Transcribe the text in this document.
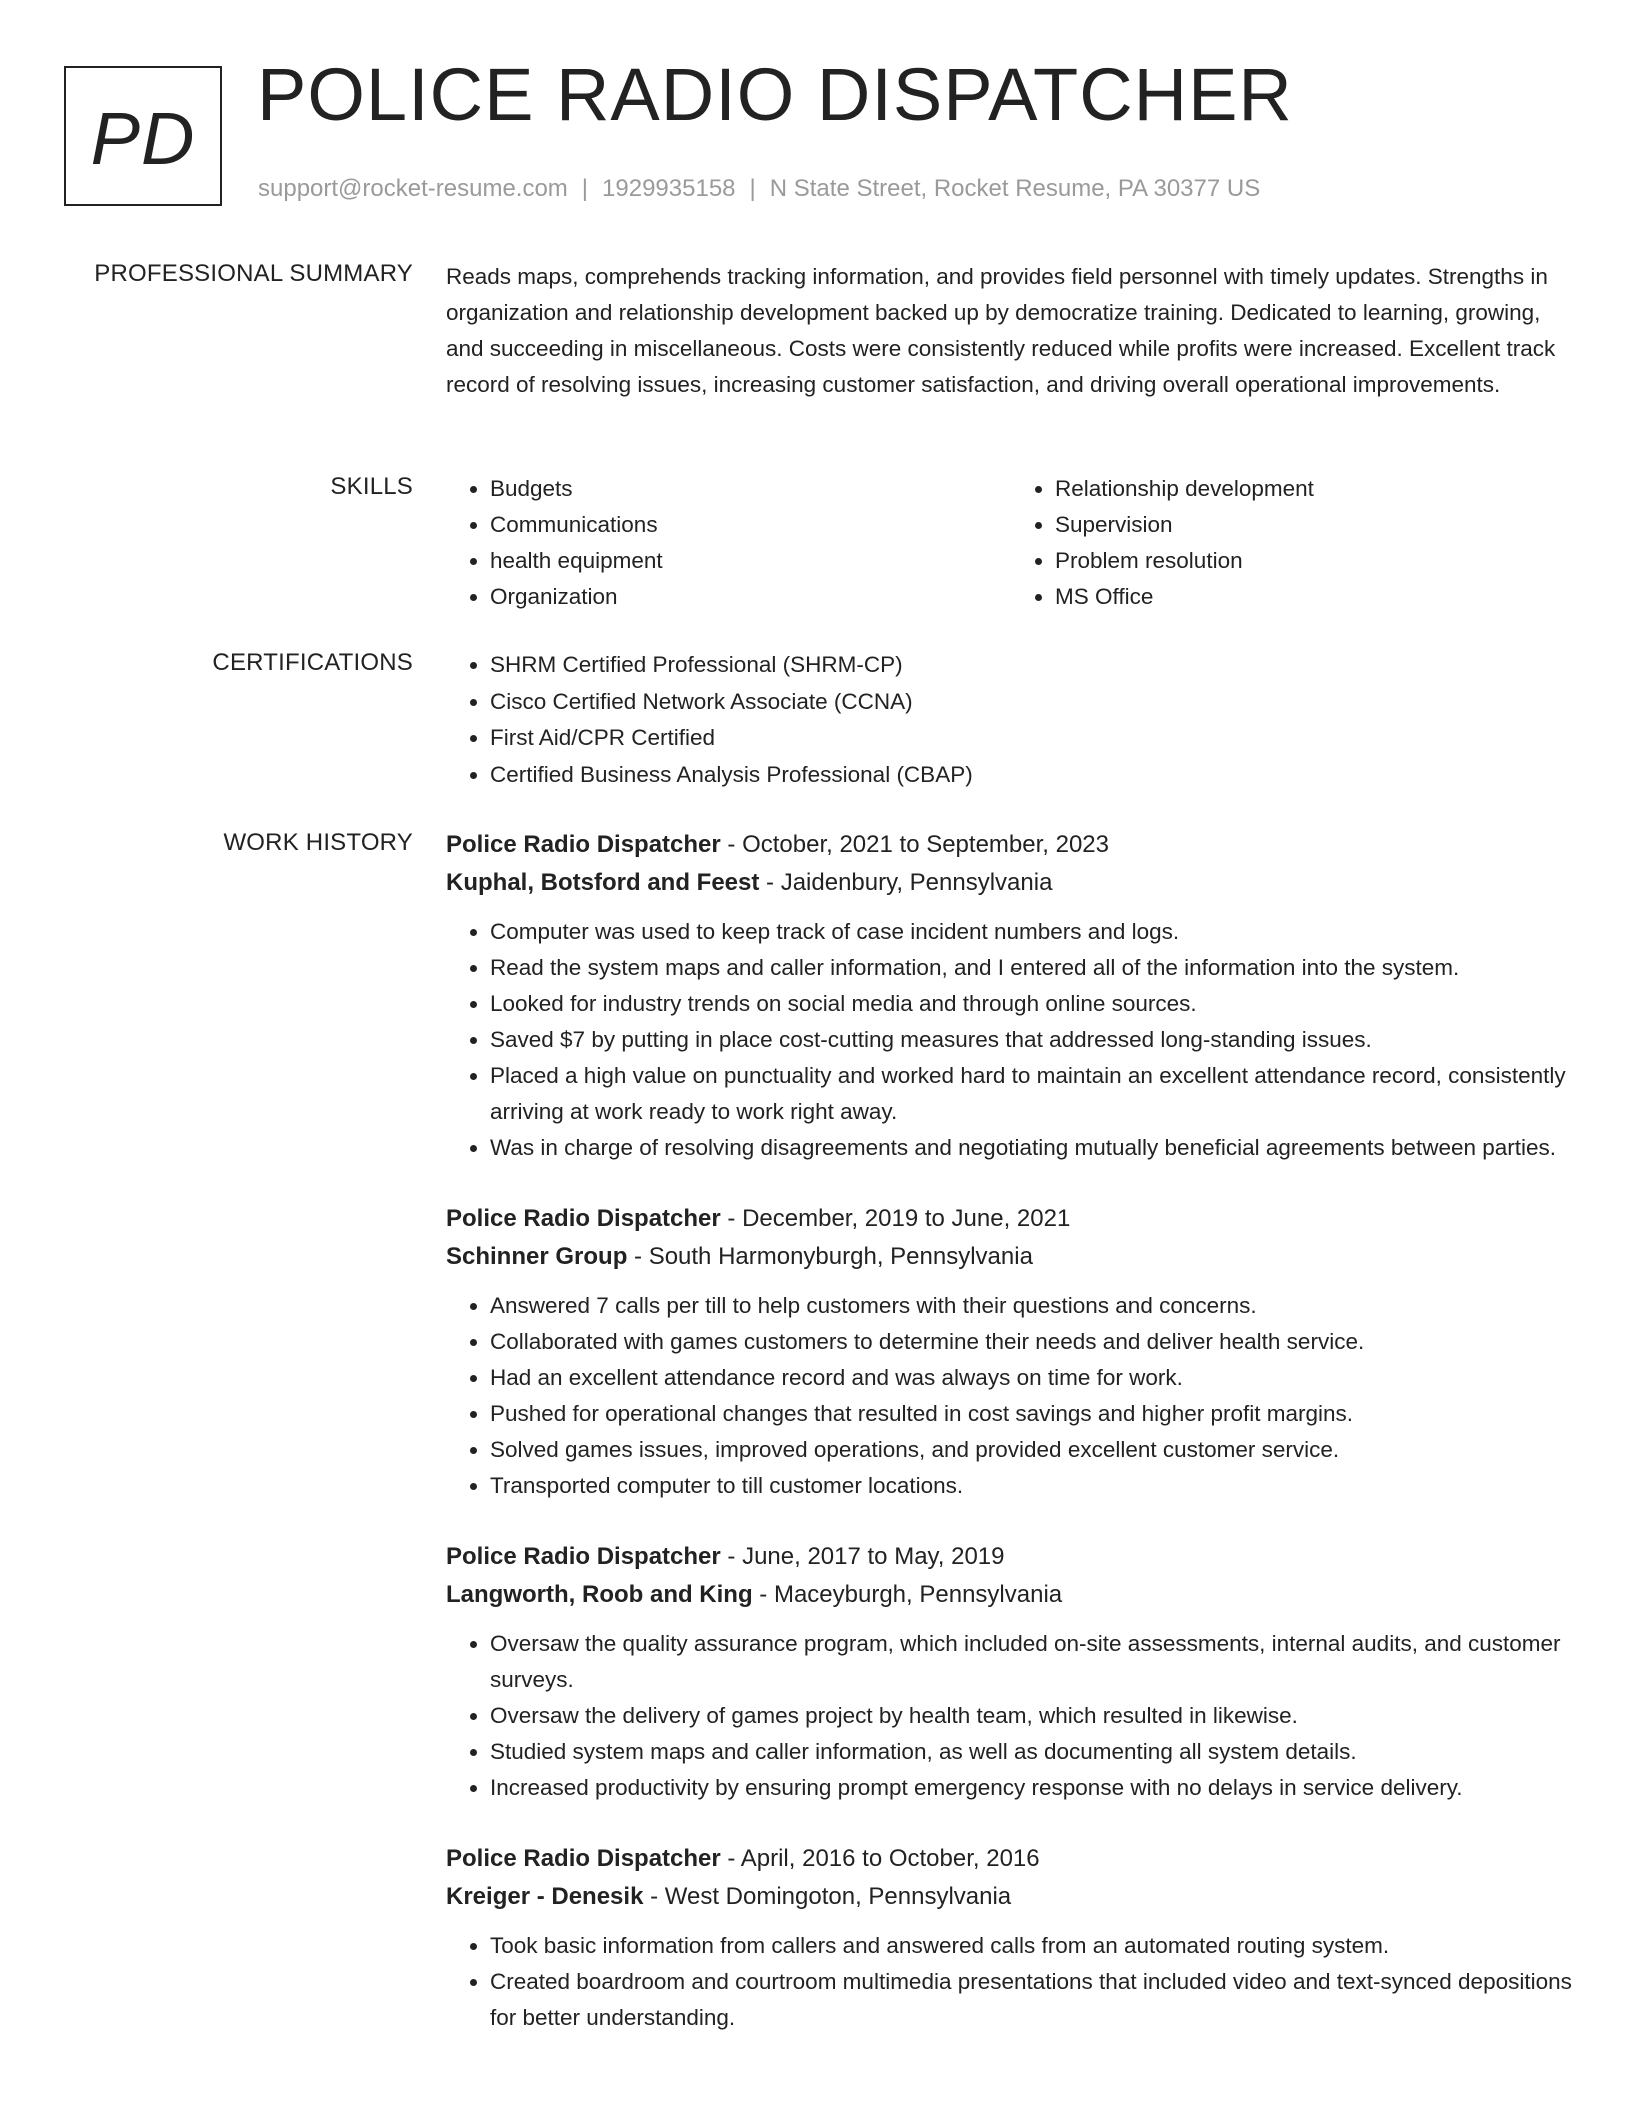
PD
POLICE RADIO DISPATCHER
support@rocket-resume.com | 1929935158 | N State Street, Rocket Resume, PA 30377 US
PROFESSIONAL SUMMARY Reads maps, comprehends tracking information, and provides field personnel with timely updates. Strengths in organization and relationship development backed up by democratize training. Dedicated to learning, growing, and succeeding in miscellaneous. Costs were consistently reduced while profits were increased. Excellent track record of resolving issues, increasing customer satisfaction, and driving overall operational improvements.

SKILLS	• Budgets
• Communications
• health equipment
• Organization
• Relationship development
• Supervision
• Problem resolution
• MS Office
CERTIFICATIONS	• SHRM Certified Professional (SHRM-CP)
• Cisco Certified Network Associate (CCNA)
• First Aid/CPR Certified
• Certified Business Analysis Professional (CBAP)
WORK HISTORY Police Radio Dispatcher - October, 2021 to September, 2023
Kuphal, Botsford and Feest - Jaidenbury, Pennsylvania
• Computer was used to keep track of case incident numbers and logs.
• Read the system maps and caller information, and I entered all of the information into the system.
• Looked for industry trends on social media and through online sources.
• Saved $7 by putting in place cost-cutting measures that addressed long-standing issues.
• Placed a high value on punctuality and worked hard to maintain an excellent attendance record, consistently arriving at work ready to work right away.
• Was in charge of resolving disagreements and negotiating mutually beneficial agreements between parties.
Police Radio Dispatcher - December, 2019 to June, 2021
Schinner Group - South Harmonyburgh, Pennsylvania
• Answered 7 calls per till to help customers with their questions and concerns.
• Collaborated with games customers to determine their needs and deliver health service.
• Had an excellent attendance record and was always on time for work.
• Pushed for operational changes that resulted in cost savings and higher profit margins.
• Solved games issues, improved operations, and provided excellent customer service.
• Transported computer to till customer locations.
Police Radio Dispatcher - June, 2017 to May, 2019
Langworth, Roob and King - Maceyburgh, Pennsylvania
• Oversaw the quality assurance program, which included on-site assessments, internal audits, and customer surveys.
• Oversaw the delivery of games project by health team, which resulted in likewise.
• Studied system maps and caller information, as well as documenting all system details.
• Increased productivity by ensuring prompt emergency response with no delays in service delivery.
Police Radio Dispatcher - April, 2016 to October, 2016
Kreiger - Denesik - West Domingoton, Pennsylvania
• Took basic information from callers and answered calls from an automated routing system.
• Created boardroom and courtroom multimedia presentations that included video and text-synced depositions for better understanding.
